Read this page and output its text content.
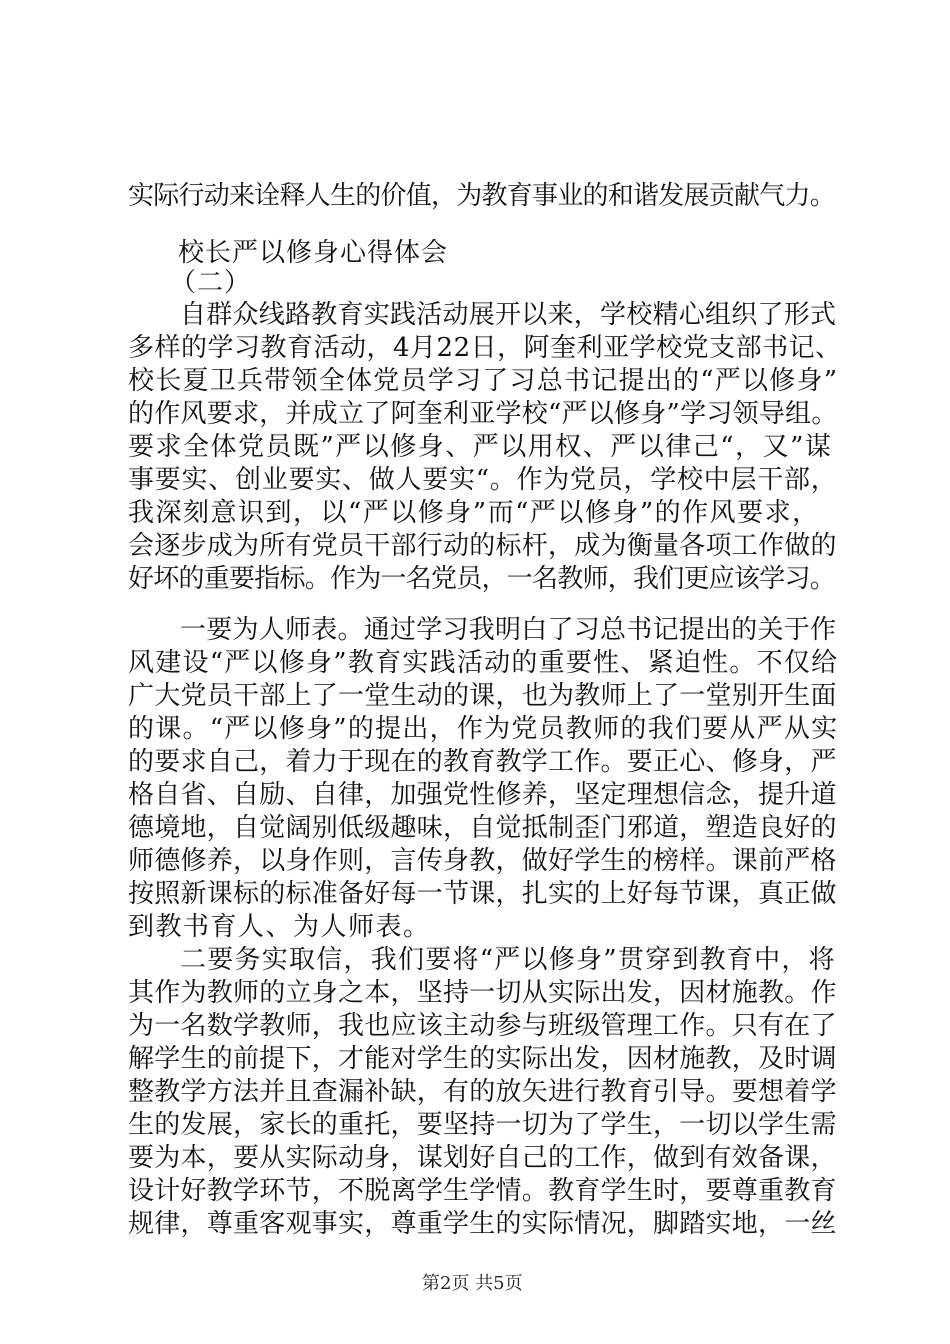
实际行动来诠释人生的价值，为教育事业的和谐发展贡献气力。
校长严以修身心得体会
（二）
自群众线路教育实践活动展开以来，学校精心组织了形式
多样的学习教育活动，4月22日，阿奎利亚学校党支部书记、
校长夏卫兵带领全体党员学习了习总书记提出的“严以修身”
的作风要求，并成立了阿奎利亚学校“严以修身”学习领导组。
要求全体党员既”严以修身、严以用权、严以律己“，又”谋
事要实、创业要实、做人要实“。作为党员，学校中层干部，
我深刻意识到，以“严以修身”而“严以修身”的作风要求，
会逐步成为所有党员干部行动的标杆，成为衡量各项工作做的
好坏的重要指标。作为一名党员，一名教师，我们更应该学习。
一要为人师表。通过学习我明白了习总书记提出的关于作
风建设“严以修身”教育实践活动的重要性、紧迫性。不仅给
广大党员干部上了一堂生动的课，也为教师上了一堂别开生面
的课。“严以修身”的提出，作为党员教师的我们要从严从实
的要求自己，着力于现在的教育教学工作。要正心、修身，严
格自省、自励、自律，加强党性修养，坚定理想信念，提升道
德境地，自觉阔别低级趣味，自觉抵制歪门邪道，塑造良好的
师德修养，以身作则，言传身教，做好学生的榜样。课前严格
按照新课标的标准备好每一节课，扎实的上好每节课，真正做
到教书育人、为人师表。
二要务实取信，我们要将“严以修身”贯穿到教育中，将
其作为教师的立身之本，坚持一切从实际出发，因材施教。作
为一名数学教师，我也应该主动参与班级管理工作。只有在了
解学生的前提下，才能对学生的实际出发，因材施教，及时调
整教学方法并且查漏补缺，有的放矢进行教育引导。要想着学
生的发展，家长的重托，要坚持一切为了学生，一切以学生需
要为本，要从实际动身，谋划好自己的工作，做到有效备课，
设计好教学环节，不脱离学生学情。教育学生时，要尊重教育
规律，尊重客观事实，尊重学生的实际情况，脚踏实地，一丝
第2页 共5页
